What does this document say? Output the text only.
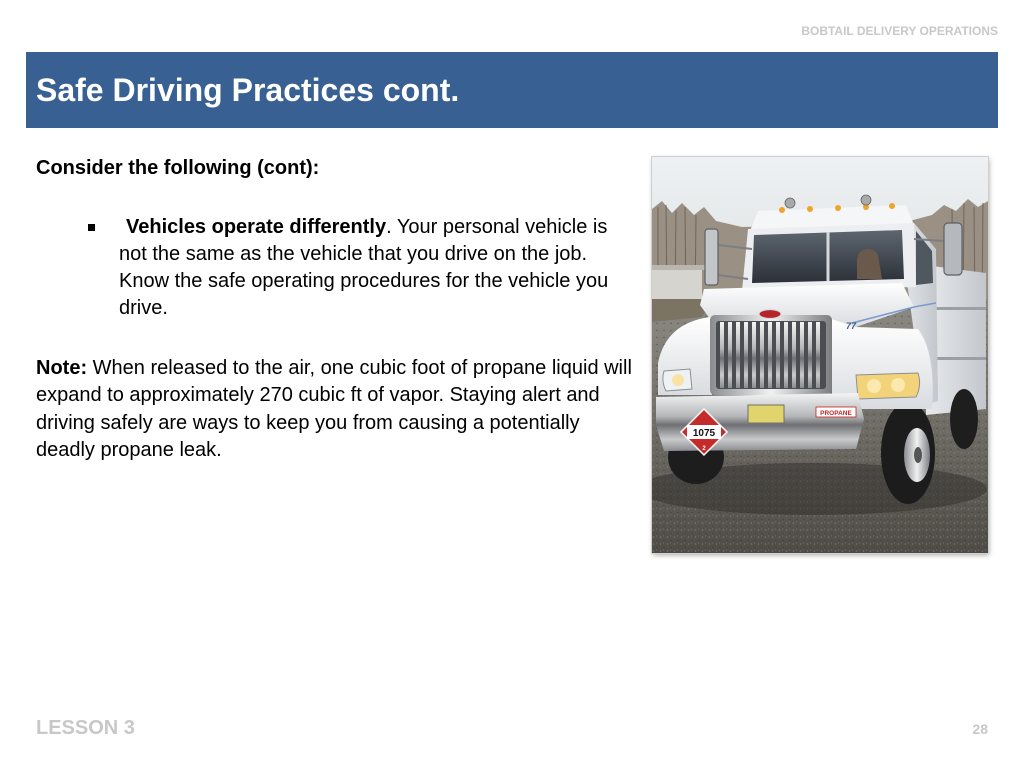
BOBTAIL DELIVERY OPERATIONS
Safe Driving Practices cont.

Consider the following (cont):

Vehicles operate differently. Your personal vehicle is not the same as the vehicle that you drive on the job. Know the safe operating procedures for the vehicle you drive.

Note: When released to the air, one cubic foot of propane liquid will expand to approximately 270 cubic ft of vapor. Staying alert and driving safely are ways to keep you from causing a potentially deadly propane leak.

1075
2
PROPANE
77
LESSON 3	28
